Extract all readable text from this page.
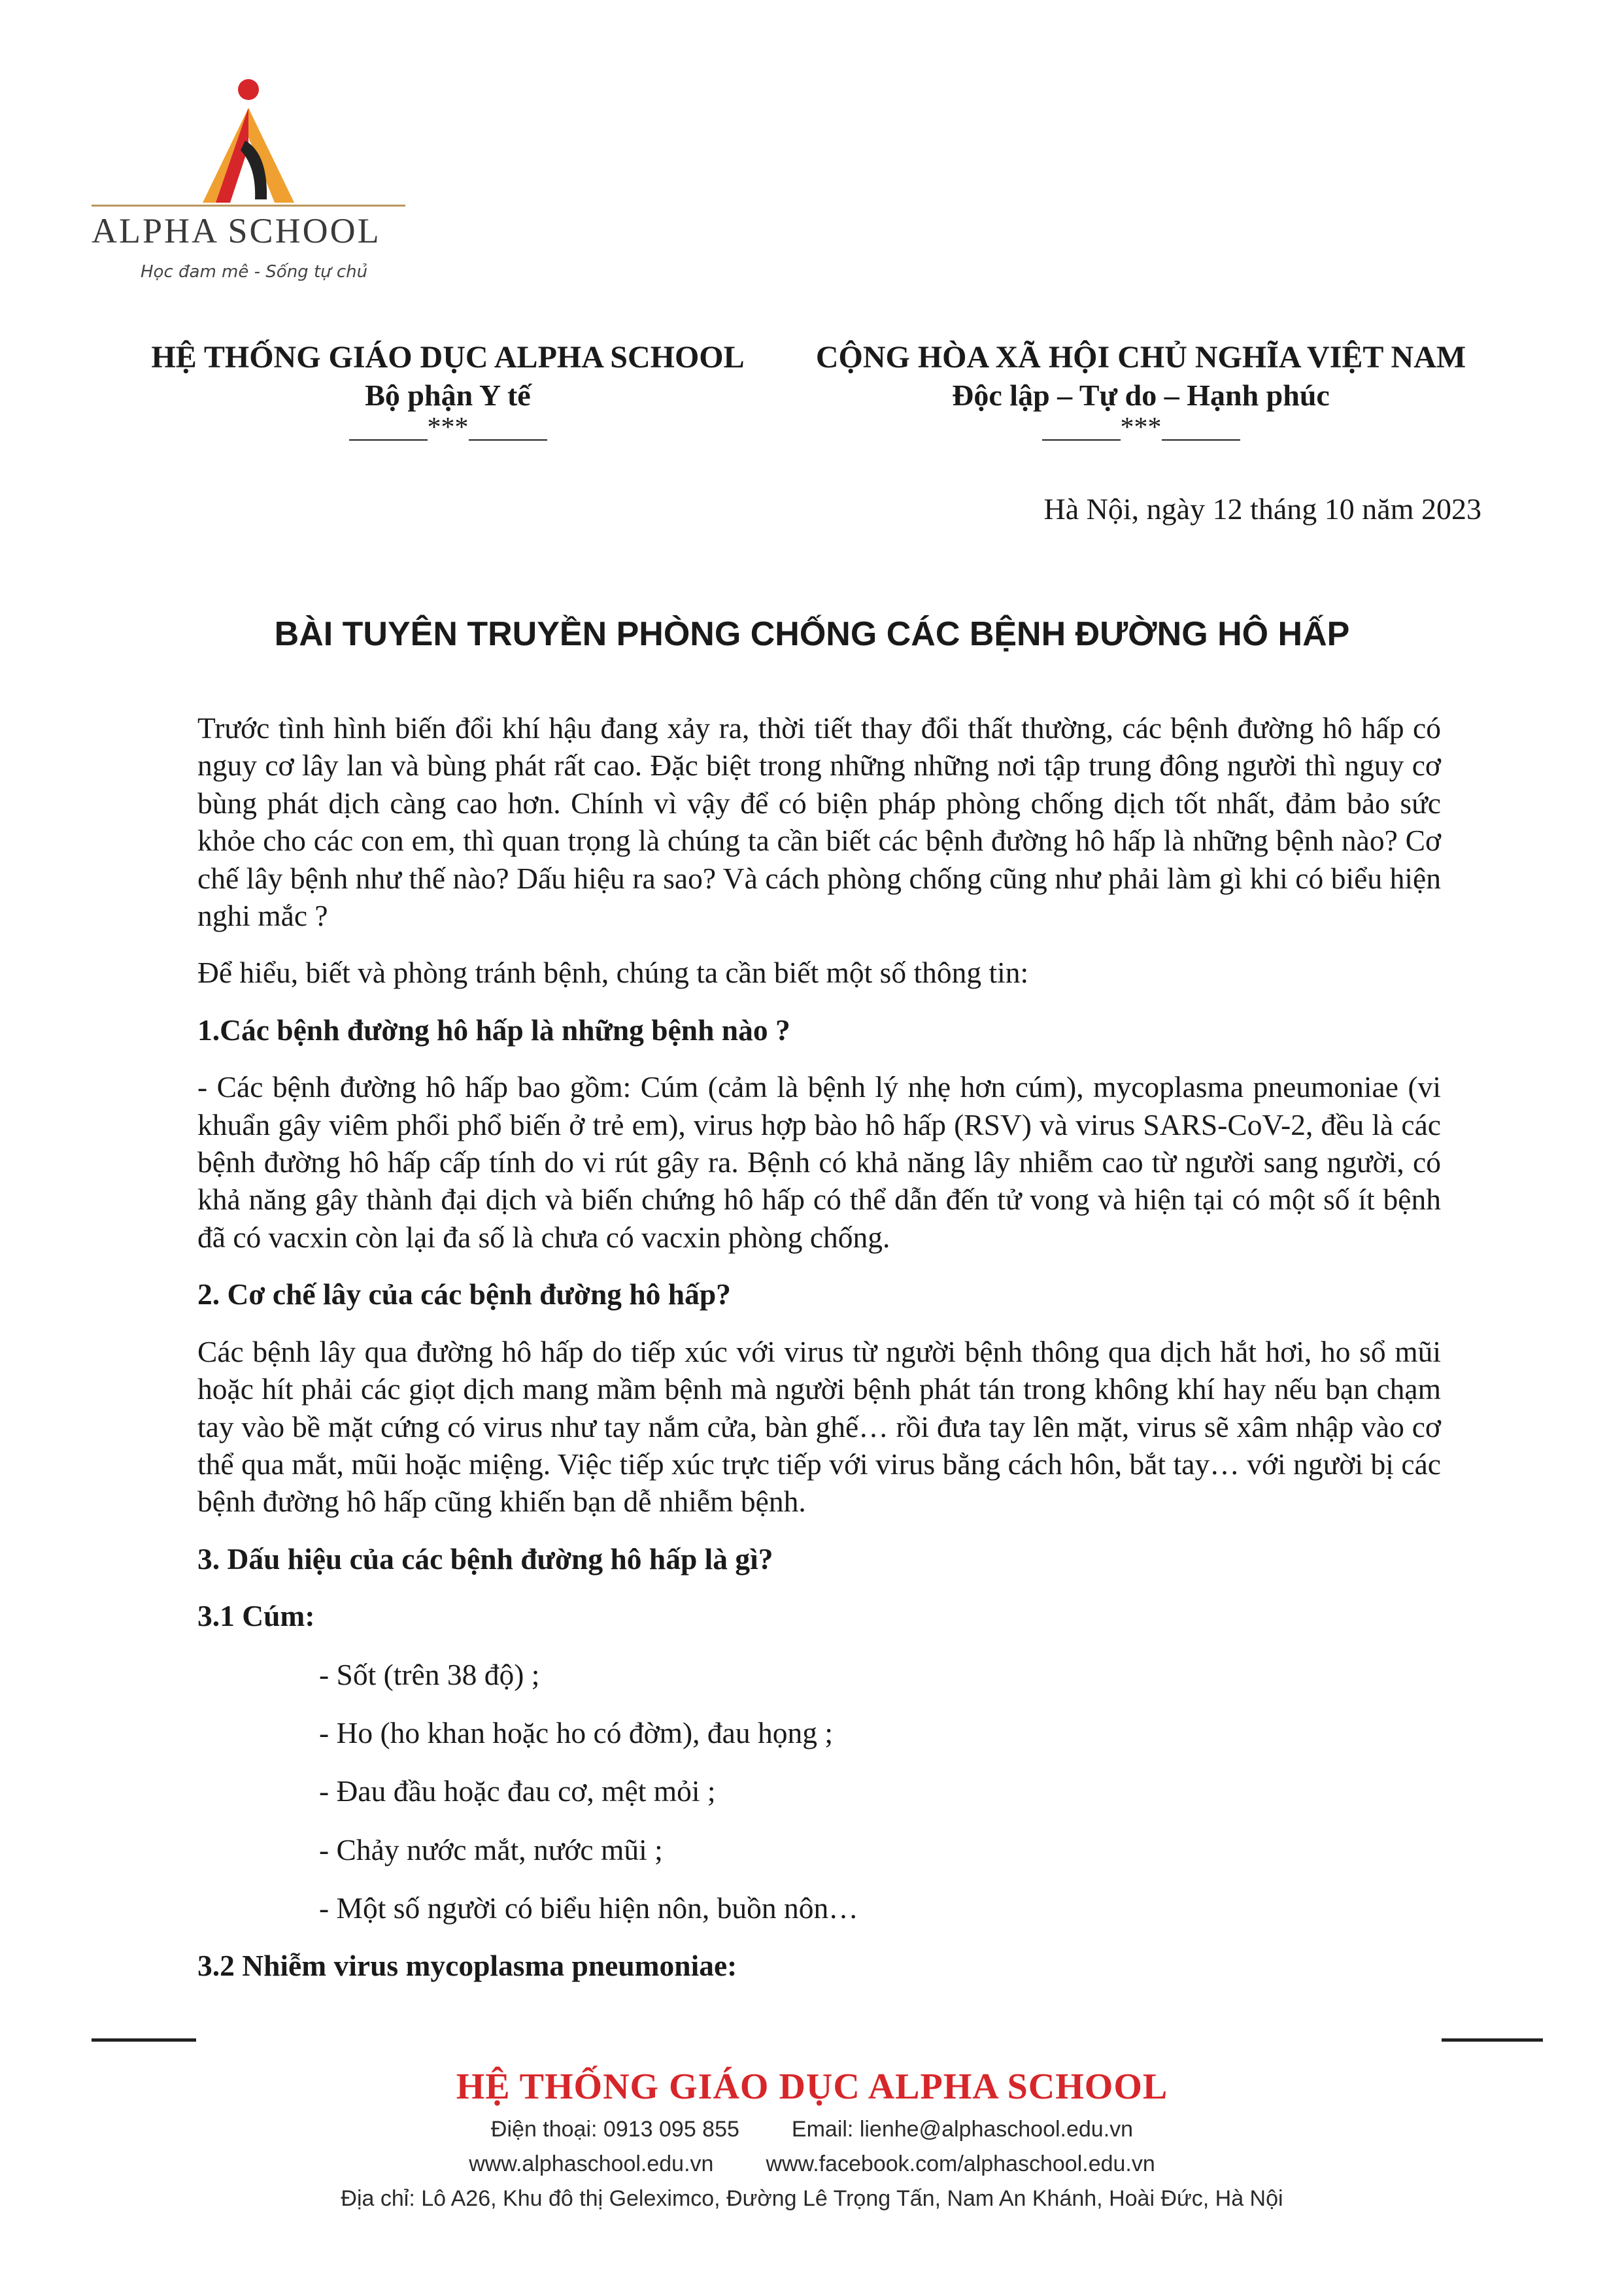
ALPHA SCHOOL
Học đam mê - Sống tự chủ
HỆ THỐNG GIÁO DỤC ALPHA SCHOOL
Bộ phận Y tế
***
CỘNG HÒA XÃ HỘI CHỦ NGHĨA VIỆT NAM
Độc lập – Tự do – Hạnh phúc
***
Hà Nội, ngày 12 tháng 10 năm 2023
BÀI TUYÊN TRUYỀN PHÒNG CHỐNG CÁC BỆNH ĐƯỜNG HÔ HẤP

Trước tình hình biến đổi khí hậu đang xảy ra, thời tiết thay đổi thất thường, các bệnh đường hô hấp có nguy cơ lây lan và bùng phát rất cao. Đặc biệt trong những những nơi tập trung đông người thì nguy cơ bùng phát dịch càng cao hơn. Chính vì vậy để có biện pháp phòng chống dịch tốt nhất, đảm bảo sức khỏe cho các con em, thì quan trọng là chúng ta cần biết các bệnh đường hô hấp là những bệnh nào? Cơ chế lây bệnh như thế nào? Dấu hiệu ra sao? Và cách phòng chống cũng như phải làm gì khi có biểu hiện nghi mắc ?

Để hiểu, biết và phòng tránh bệnh, chúng ta cần biết một số thông tin:

1.Các bệnh đường hô hấp là những bệnh nào ?

- Các bệnh đường hô hấp bao gồm: Cúm (cảm là bệnh lý nhẹ hơn cúm), mycoplasma pneumoniae (vi khuẩn gây viêm phổi phổ biến ở trẻ em), virus hợp bào hô hấp (RSV) và virus SARS-CoV-2, đều là các bệnh đường hô hấp cấp tính do vi rút gây ra. Bệnh có khả năng lây nhiễm cao từ người sang người, có khả năng gây thành đại dịch và biến chứng hô hấp có thể dẫn đến tử vong và hiện tại có một số ít bệnh đã có vacxin còn lại đa số là chưa có vacxin phòng chống.

2. Cơ chế lây của các bệnh đường hô hấp?

Các bệnh lây qua đường hô hấp do tiếp xúc với virus từ người bệnh thông qua dịch hắt hơi, ho sổ mũi hoặc hít phải các giọt dịch mang mầm bệnh mà người bệnh phát tán trong không khí hay nếu bạn chạm tay vào bề mặt cứng có virus như tay nắm cửa, bàn ghế… rồi đưa tay lên mặt, virus sẽ xâm nhập vào cơ thể qua mắt, mũi hoặc miệng. Việc tiếp xúc trực tiếp với virus bằng cách hôn, bắt tay… với người bị các bệnh đường hô hấp cũng khiến bạn dễ nhiễm bệnh.

3. Dấu hiệu của các bệnh đường hô hấp là gì?

3.1 Cúm:

- Sốt (trên 38 độ) ;

- Ho (ho khan hoặc ho có đờm), đau họng ;

- Đau đầu hoặc đau cơ, mệt mỏi ;

- Chảy nước mắt, nước mũi ;

- Một số người có biểu hiện nôn, buồn nôn…

3.2 Nhiễm virus mycoplasma pneumoniae:

HỆ THỐNG GIÁO DỤC ALPHA SCHOOL
Điện thoại: 0913 095 855 Email: lienhe@alphaschool.edu.vn
www.alphaschool.edu.vn www.facebook.com/alphaschool.edu.vn
Địa chỉ: Lô A26, Khu đô thị Geleximco, Đường Lê Trọng Tấn, Nam An Khánh, Hoài Đức, Hà Nội
